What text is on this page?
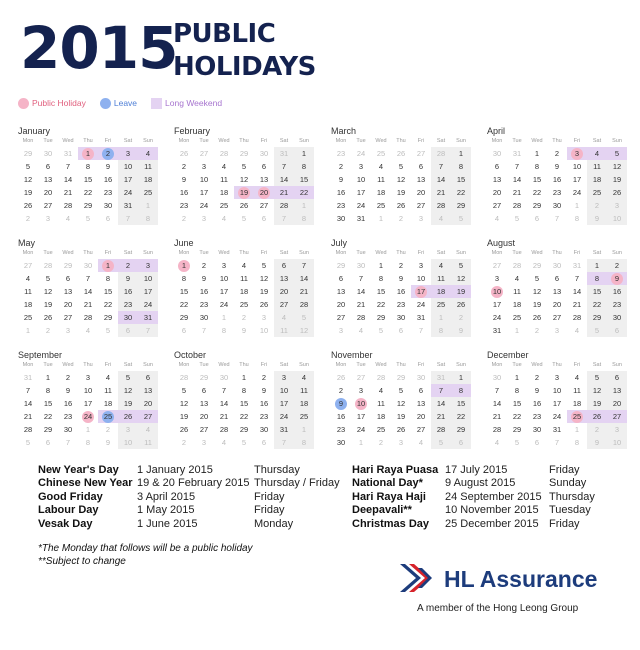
2015
PUBLIC
HOLIDAYS
Public Holiday	Leave	Long Weekend
January
Mon	Tue	Wed	Thu	Fri	Sat	Sun
29 30 31	1	2	3	4
5	6	7	8	9	10 11
12 13 14 15 16 17 18
19 20 21 22 23 24 25
26 27 28 29 30 31	1
2	3	4	5	6	7	8
February
Mon	Tue	Wed	Thu	Fri	Sat	Sun
26 27 28 29 30 31	1
2	3	4	5	6	7	8
9	10 11 12 13 14 15
16 17 18 19 20 21 22
23 24 25 26 27 28	1
2	3	4	5	6	7	8
March
Mon	Tue	Wed	Thu	Fri	Sat	Sun
23 24 25 26 27 28	1
2	3	4	5	6	7	8
9	10 11 12 13 14 15
16 17 18 19 20 21 22
23 24 25 26 27 28 29
30 31	1	2	3	4	5
April
Mon	Tue	Wed	Thu	Fri	Sat	Sun
30 31	1	2	3	4	5
6	7	8	9	10 11 12
13 14 15 16 17 18 19
20 21 22 23 24 25 26
27 28 29 30	1	2	3
4	5	6	7	8	9	10
May
Mon	Tue	Wed	Thu	Fri	Sat	Sun
27 28 29 30	1	2	3
4	5	6	7	8	9	10
11 12 13 14 15 16 17
18 19 20 21 22 23 24
25 26 27 28 29 30 31
1	2	3	4	5	6	7
June
Mon	Tue	Wed	Thu	Fri	Sat	Sun
1	2	3	4	5	6	7
8	9	10 11 12 13 14
15 16 17 18 19 20 21
22 23 24 25 26 27 28
29 30	1	2	3	4	5
6	7	8	9	10 11 12
July
Mon	Tue	Wed	Thu	Fri	Sat	Sun
29 30	1	2	3	4	5
6	7	8	9	10 11 12
13 14 15 16 17 18 19
20 21 22 23 24 25 26
27 28 29 30 31	1	2
3	4	5	6	7	8	9
August
Mon	Tue	Wed	Thu	Fri	Sat	Sun
27 28 29 30 31	1	2
3	4	5	6	7	8	9
10 11 12 13 14 15 16
17 18 19 20 21 22 23
24 25 26 27 28 29 30
31	1	2	3	4	5	6
September
Mon	Tue	Wed	Thu	Fri	Sat	Sun
31	1	2	3	4	5	6
7	8	9	10 11 12 13
14 15 16 17 18 19 20
21 22 23 24 25 26 27
28 29 30	1	2	3	4
5	6	7	8	9	10 11
October
Mon	Tue	Wed	Thu	Fri	Sat	Sun
28 29 30	1	2	3	4
5	6	7	8	9	10 11
12 13 14 15 16 17 18
19 20 21 22 23 24 25
26 27 28 29 30 31	1
2	3	4	5	6	7	8
November
Mon	Tue	Wed	Thu	Fri	Sat	Sun
26 27 28 29 30 31	1
2	3	4	5	6	7	8
9	10 11 12 13 14 15
16 17 18 19 20 21 22
23 24 25 26 27 28 29
30	1	2	3	4	5	6
December
Mon	Tue	Wed	Thu	Fri	Sat	Sun
30	1	2	3	4	5	6
7	8	9	10 11 12 13
14 15 16 17 18 19 20
21 22 23 24 25 26 27
28 29 30 31	1	2	3
4	5	6	7	8	9	10
New Year's Day 1 January 2015	Thursday
Chinese New Year 19 & 20 February 2015 Thursday / Friday
Good Friday	3 April 2015	Friday
Labour Day	1 May 2015	Friday
Vesak Day	1 June 2015	Monday
Hari Raya Puasa 17 July 2015	Friday
National Day* 9 August 2015	Sunday
Hari Raya Haji 24 September 2015 Thursday
Deepavali**	10 November 2015 Tuesday
Christmas Day 25 December 2015 Friday
*The Monday that follows will be a public holiday
**Subject to change
HL Assurance
A member of the Hong Leong Group
